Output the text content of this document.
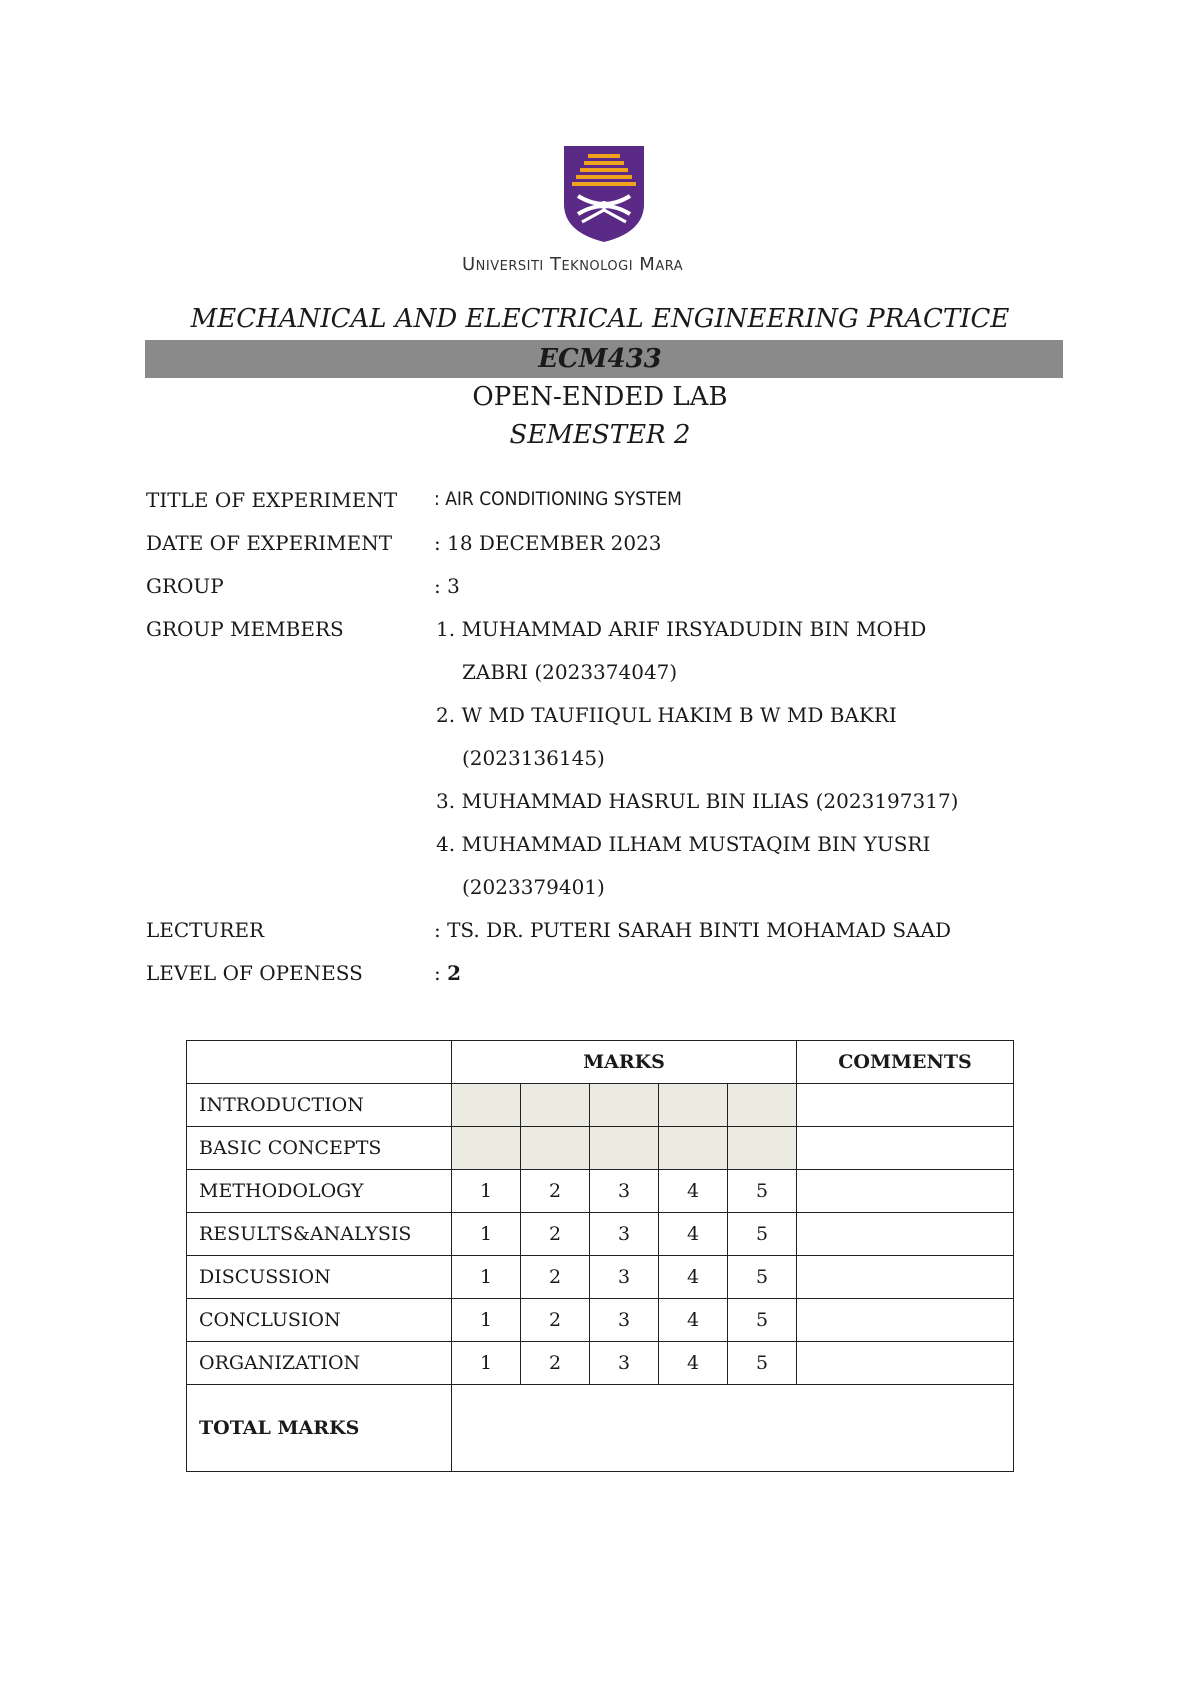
Universiti Teknologi Mara
MECHANICAL AND ELECTRICAL ENGINEERING PRACTICE
ECM433
OPEN-ENDED LAB
SEMESTER 2
TITLE OF EXPERIMENT : AIR CONDITIONING SYSTEM
DATE OF EXPERIMENT : 18 DECEMBER 2023
GROUP	: 3
GROUP MEMBERS	1. MUHAMMAD ARIF IRSYADUDIN BIN MOHD
ZABRI (2023374047)
2. W MD TAUFIIQUL HAKIM B W MD BAKRI
(2023136145)
3. MUHAMMAD HASRUL BIN ILIAS (2023197317)
4. MUHAMMAD ILHAM MUSTAQIM BIN YUSRI
(2023379401)
LECTURER	: TS. DR. PUTERI SARAH BINTI MOHAMAD SAAD
LEVEL OF OPENESS	: 2
	MARKS					COMMENTS
INTRODUCTION						
BASIC CONCEPTS						
METHODOLOGY	1	2	3	4	5	
RESULTS&ANALYSIS	1	2	3	4	5	
DISCUSSION	1	2	3	4	5	
CONCLUSION	1	2	3	4	5	
ORGANIZATION	1	2	3	4	5	
TOTAL MARKS						
